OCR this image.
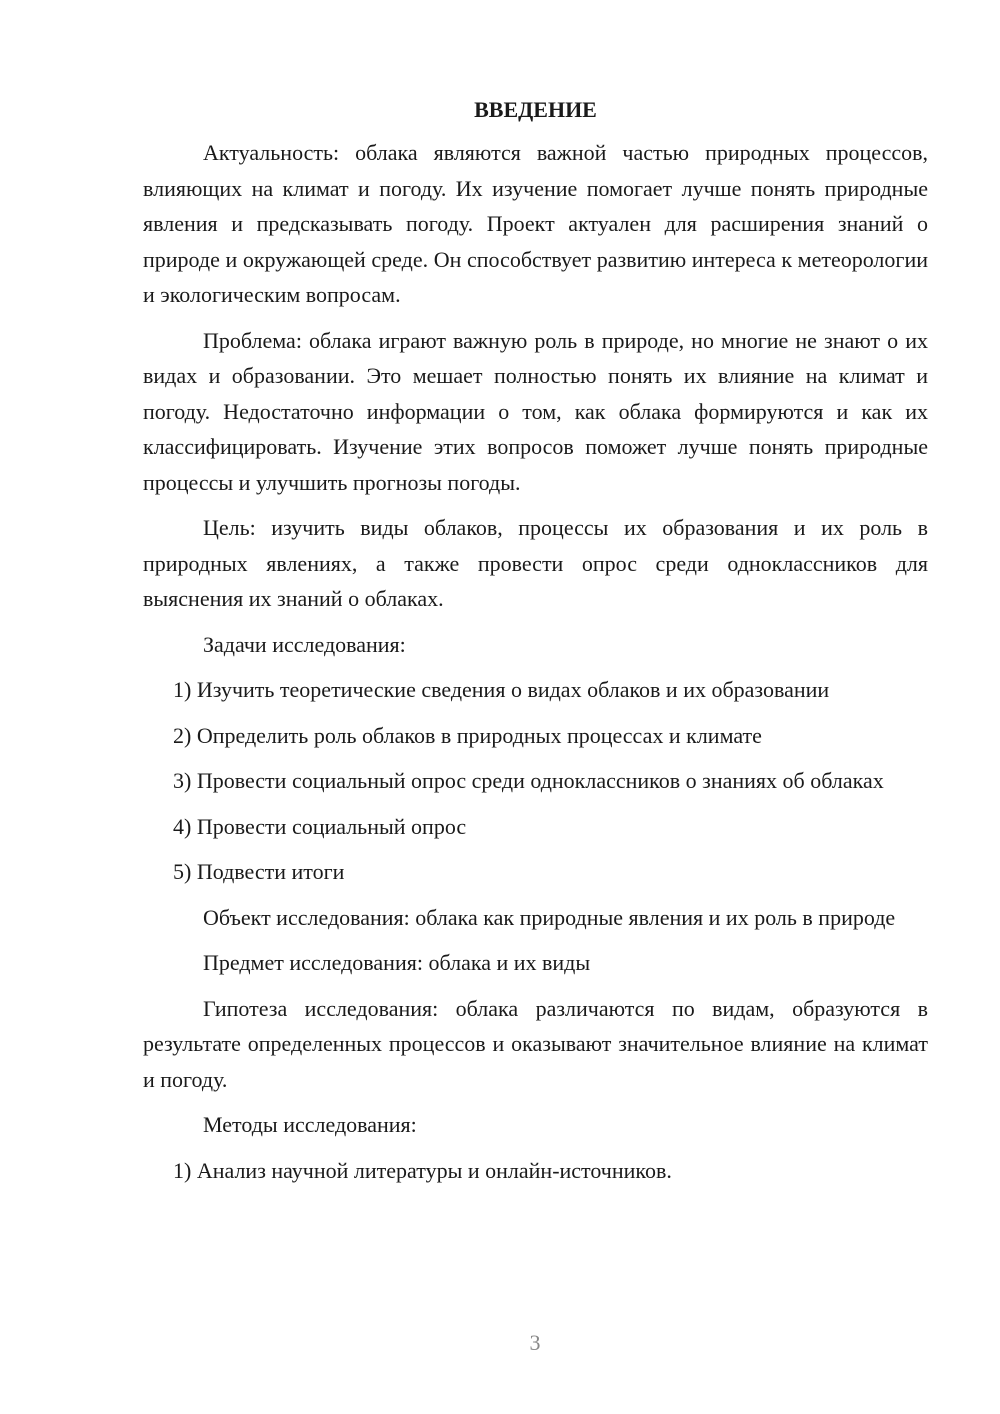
ВВЕДЕНИЕ

Актуальность: облака являются важной частью природных процессов, влияющих на климат и погоду. Их изучение помогает лучше понять природные явления и предсказывать погоду. Проект актуален для расширения знаний о природе и окружающей среде. Он способствует развитию интереса к метеорологии и экологическим вопросам.

Проблема: облака играют важную роль в природе, но многие не знают о их видах и образовании. Это мешает полностью понять их влияние на климат и погоду. Недостаточно информации о том, как облака формируются и как их классифицировать. Изучение этих вопросов поможет лучше понять природные процессы и улучшить прогнозы погоды.

Цель: изучить виды облаков, процессы их образования и их роль в природных явлениях, а также провести опрос среди одноклассников для выяснения их знаний о облаках.

Задачи исследования:

1) Изучить теоретические сведения о видах облаков и их образовании

2) Определить роль облаков в природных процессах и климате

3) Провести социальный опрос среди одноклассников о знаниях об облаках

4) Провести социальный опрос

5) Подвести итоги

Объект исследования: облака как природные явления и их роль в природе

Предмет исследования: облака и их виды

Гипотеза исследования: облака различаются по видам, образуются в результате определенных процессов и оказывают значительное влияние на климат и погоду.

Методы исследования:

1) Анализ научной литературы и онлайн-источников.

3
